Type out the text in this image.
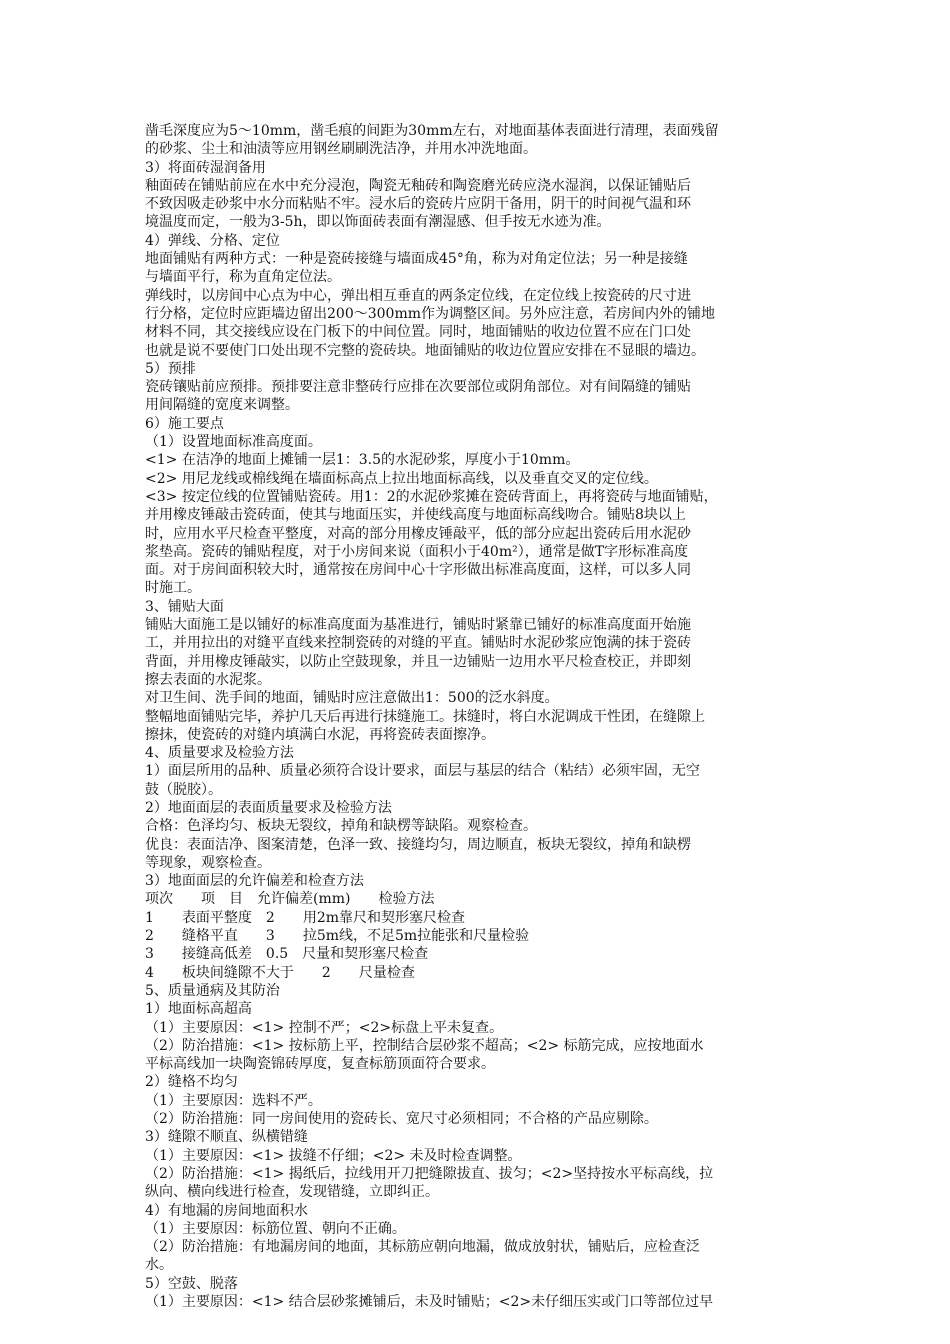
凿毛深度应为5～10mm，凿毛痕的间距为30mm左右，对地面基体表面进行清理，表面残留
的砂浆、尘土和油渍等应用钢丝刷刷洗洁净，并用水冲洗地面。
3）将面砖湿润备用
釉面砖在铺贴前应在水中充分浸泡，陶瓷无釉砖和陶瓷磨光砖应浇水湿润，以保证铺贴后
不致因吸走砂浆中水分而粘贴不牢。浸水后的瓷砖片应阴干备用，阴干的时间视气温和环
境温度而定，一般为3-5h，即以饰面砖表面有潮湿感、但手按无水迹为准。
4）弹线、分格、定位
地面铺贴有两种方式：一种是瓷砖接缝与墙面成45°角，称为对角定位法；另一种是接缝
与墙面平行，称为直角定位法。
弹线时，以房间中心点为中心，弹出相互垂直的两条定位线，在定位线上按瓷砖的尺寸进
行分格，定位时应距墙边留出200～300mm作为调整区间。另外应注意，若房间内外的铺地
材料不同，其交接线应设在门板下的中间位置。同时，地面铺贴的收边位置不应在门口处
也就是说不要使门口处出现不完整的瓷砖块。地面铺贴的收边位置应安排在不显眼的墙边。
5）预排
瓷砖镶贴前应预排。预排要注意非整砖行应排在次要部位或阴角部位。对有间隔缝的铺贴
用间隔缝的宽度来调整。
6）施工要点
（1）设置地面标准高度面。
<1> 在洁净的地面上摊铺一层1：3.5的水泥砂浆，厚度小于10mm。
<2> 用尼龙线或棉线绳在墙面标高点上拉出地面标高线，以及垂直交叉的定位线。
<3> 按定位线的位置铺贴瓷砖。用1：2的水泥砂浆摊在瓷砖背面上，再将瓷砖与地面铺贴，
并用橡皮锤敲击瓷砖面，使其与地面压实，并使线高度与地面标高线吻合。铺贴8块以上
时，应用水平尺检查平整度，对高的部分用橡皮锤敲平，低的部分应起出瓷砖后用水泥砂
浆垫高。瓷砖的铺贴程度，对于小房间来说（面积小于40m²），通常是做T字形标准高度
面。对于房间面积较大时，通常按在房间中心十字形做出标准高度面，这样，可以多人同
时施工。
3、铺贴大面
铺贴大面施工是以铺好的标准高度面为基准进行，铺贴时紧靠已铺好的标准高度面开始施
工，并用拉出的对缝平直线来控制瓷砖的对缝的平直。铺贴时水泥砂浆应饱满的抹于瓷砖
背面，并用橡皮锤敲实，以防止空鼓现象，并且一边铺贴一边用水平尺检查校正，并即刻
擦去表面的水泥浆。
对卫生间、洗手间的地面，铺贴时应注意做出1：500的泛水斜度。
整幅地面铺贴完毕，养护几天后再进行抹缝施工。抹缝时，将白水泥调成干性团，在缝隙上
擦抹，使瓷砖的对缝内填满白水泥，再将瓷砖表面擦净。
4、质量要求及检验方法
1）面层所用的品种、质量必须符合设计要求，面层与基层的结合（粘结）必须牢固，无空
鼓（脱胶）。
2）地面面层的表面质量要求及检验方法
合格：色泽均匀、板块无裂纹，掉角和缺楞等缺陷。观察检查。
优良：表面洁净、图案清楚，色泽一致、接缝均匀，周边顺直，板块无裂纹，掉角和缺楞
等现象，观察检查。
3）地面面层的允许偏差和检查方法
项次　　项　目　允许偏差(mm)　　检验方法
1　　表面平整度　2　　用2m靠尺和契形塞尺检查
2　　缝格平直　　3　　拉5m线，不足5m拉能张和尺量检验
3　　接缝高低差　0.5　尺量和契形塞尺检查
4　　板块间缝隙不大于　　2　　尺量检查
5、质量通病及其防治
1）地面标高超高
（1）主要原因：<1> 控制不严；<2>标盘上平未复查。
（2）防治措施：<1> 按标筋上平，控制结合层砂浆不超高；<2> 标筋完成，应按地面水
平标高线加一块陶瓷锦砖厚度，复查标筋顶面符合要求。
2）缝格不均匀
（1）主要原因：选料不严。
（2）防治措施：同一房间使用的瓷砖长、宽尺寸必须相同；不合格的产品应剔除。
3）缝隙不顺直、纵横错缝
（1）主要原因：<1> 拔缝不仔细；<2> 未及时检查调整。
（2）防治措施：<1> 揭纸后，拉线用开刀把缝隙拔直、拔匀；<2>坚持按水平标高线，拉
纵向、横向线进行检查，发现错缝，立即纠正。
4）有地漏的房间地面积水
（1）主要原因：标筋位置、朝向不正确。
（2）防治措施：有地漏房间的地面，其标筋应朝向地漏，做成放射状，铺贴后，应检查泛
水。
5）空鼓、脱落
（1）主要原因：<1> 结合层砂浆摊铺后，未及时铺贴；<2>未仔细压实或门口等部位过早
